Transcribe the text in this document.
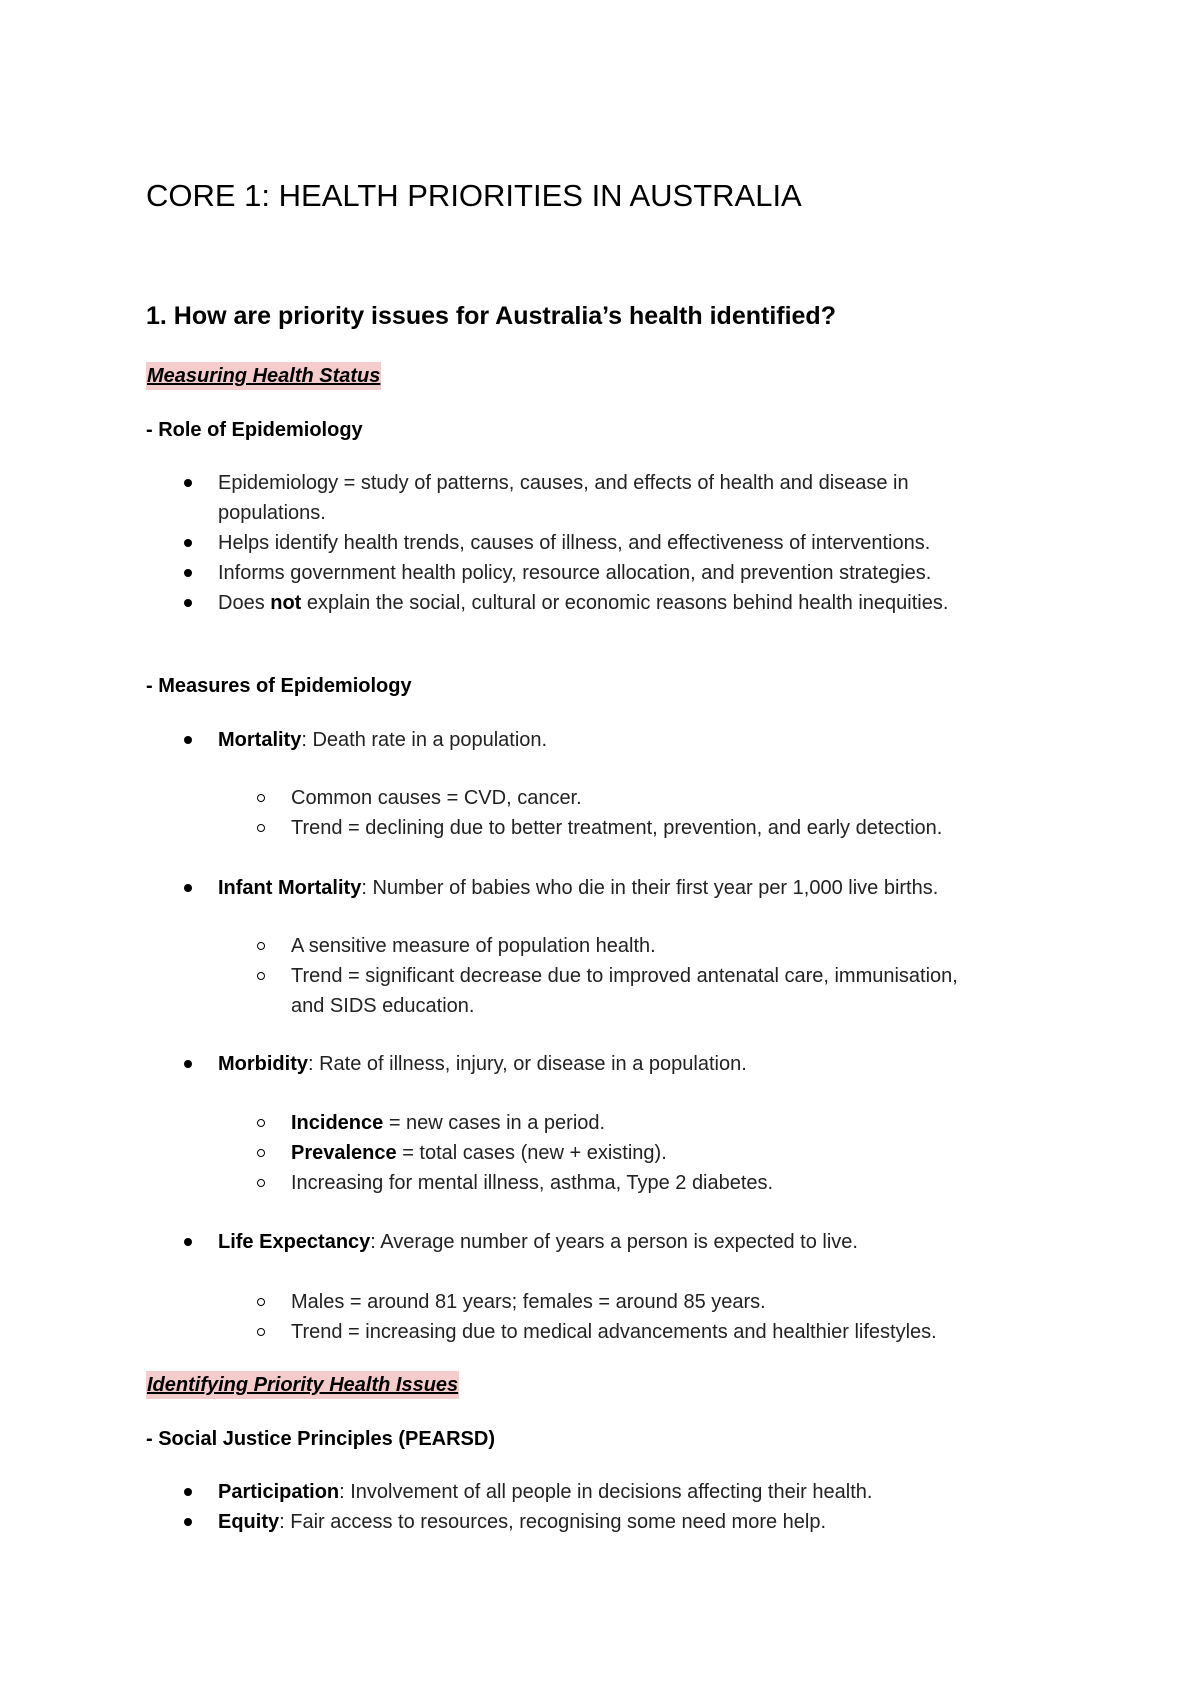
CORE 1: HEALTH PRIORITIES IN AUSTRALIA
1. How are priority issues for Australia’s health identified?
Measuring Health Status
- Role of Epidemiology
Epidemiology = study of patterns, causes, and effects of health and disease in
populations.
Helps identify health trends, causes of illness, and effectiveness of interventions.
Informs government health policy, resource allocation, and prevention strategies.
Does not explain the social, cultural or economic reasons behind health inequities.
- Measures of Epidemiology
Mortality: Death rate in a population.
Common causes = CVD, cancer.
Trend = declining due to better treatment, prevention, and early detection.
Infant Mortality: Number of babies who die in their first year per 1,000 live births.
A sensitive measure of population health.
Trend = significant decrease due to improved antenatal care, immunisation,
and SIDS education.
Morbidity: Rate of illness, injury, or disease in a population.
Incidence = new cases in a period.
Prevalence = total cases (new + existing).
Increasing for mental illness, asthma, Type 2 diabetes.
Life Expectancy: Average number of years a person is expected to live.
Males = around 81 years; females = around 85 years.
Trend = increasing due to medical advancements and healthier lifestyles.
Identifying Priority Health Issues
- Social Justice Principles (PEARSD)
Participation: Involvement of all people in decisions affecting their health.
Equity: Fair access to resources, recognising some need more help.
